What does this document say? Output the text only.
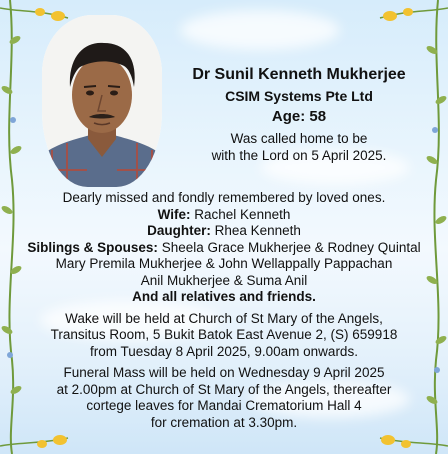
Dr Sunil Kenneth Mukherjee
CSIM Systems Pte Ltd
Age: 58
Was called home to be
with the Lord on 5 April 2025.
Dearly missed and fondly remembered by loved ones.
Wife: Rachel Kenneth
Daughter: Rhea Kenneth
Siblings & Spouses: Sheela Grace Mukherjee & Rodney Quintal
Mary Premila Mukherjee & John Wellappally Pappachan
Anil Mukherjee & Suma Anil
And all relatives and friends.
Wake will be held at Church of St Mary of the Angels,
Transitus Room, 5 Bukit Batok East Avenue 2, (S) 659918
from Tuesday 8 April 2025, 9.00am onwards.
Funeral Mass will be held on Wednesday 9 April 2025
at 2.00pm at Church of St Mary of the Angels, thereafter
cortege leaves for Mandai Crematorium Hall 4
for cremation at 3.30pm.
